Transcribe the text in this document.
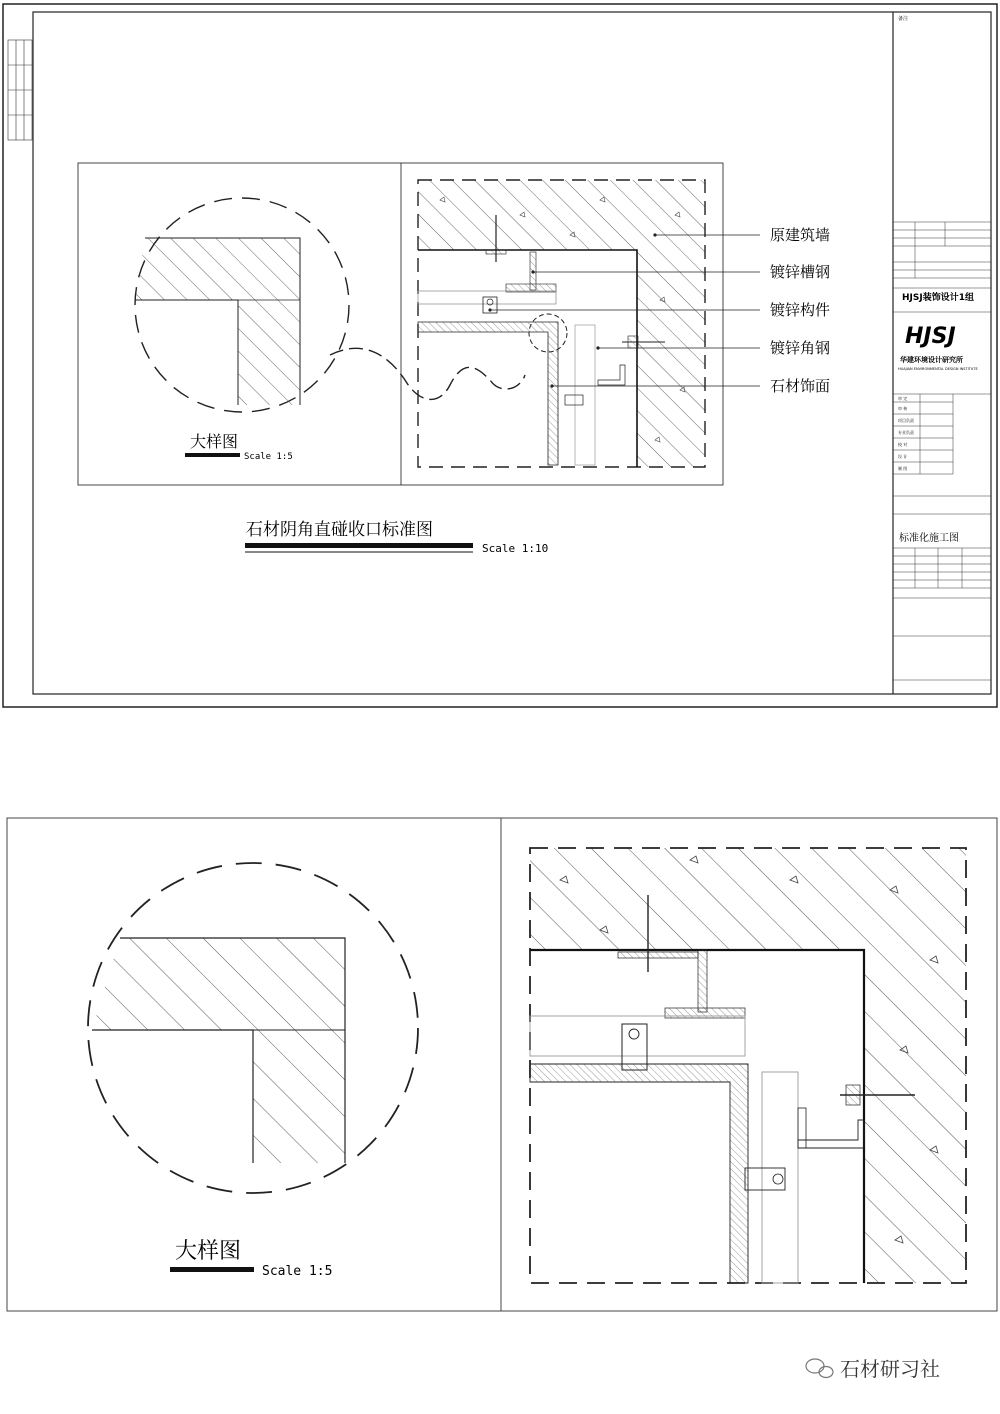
大样图
Scale 1:5
原建筑墙
镀锌槽钢
镀锌构件
镀锌角钢
石材饰面
石材阴角直碰收口标准图
Scale 1:10
备注
HJSJ装饰设计1组
HJSJ
华建环境设计研究所
HUAJIAN ENVIRONMENTAL DESIGN INSTITUTE
审 定
审 核
项目负责
专业负责
校 对
设 计
制 图
标准化施工图
大样图
Scale 1:5
石材研习社
